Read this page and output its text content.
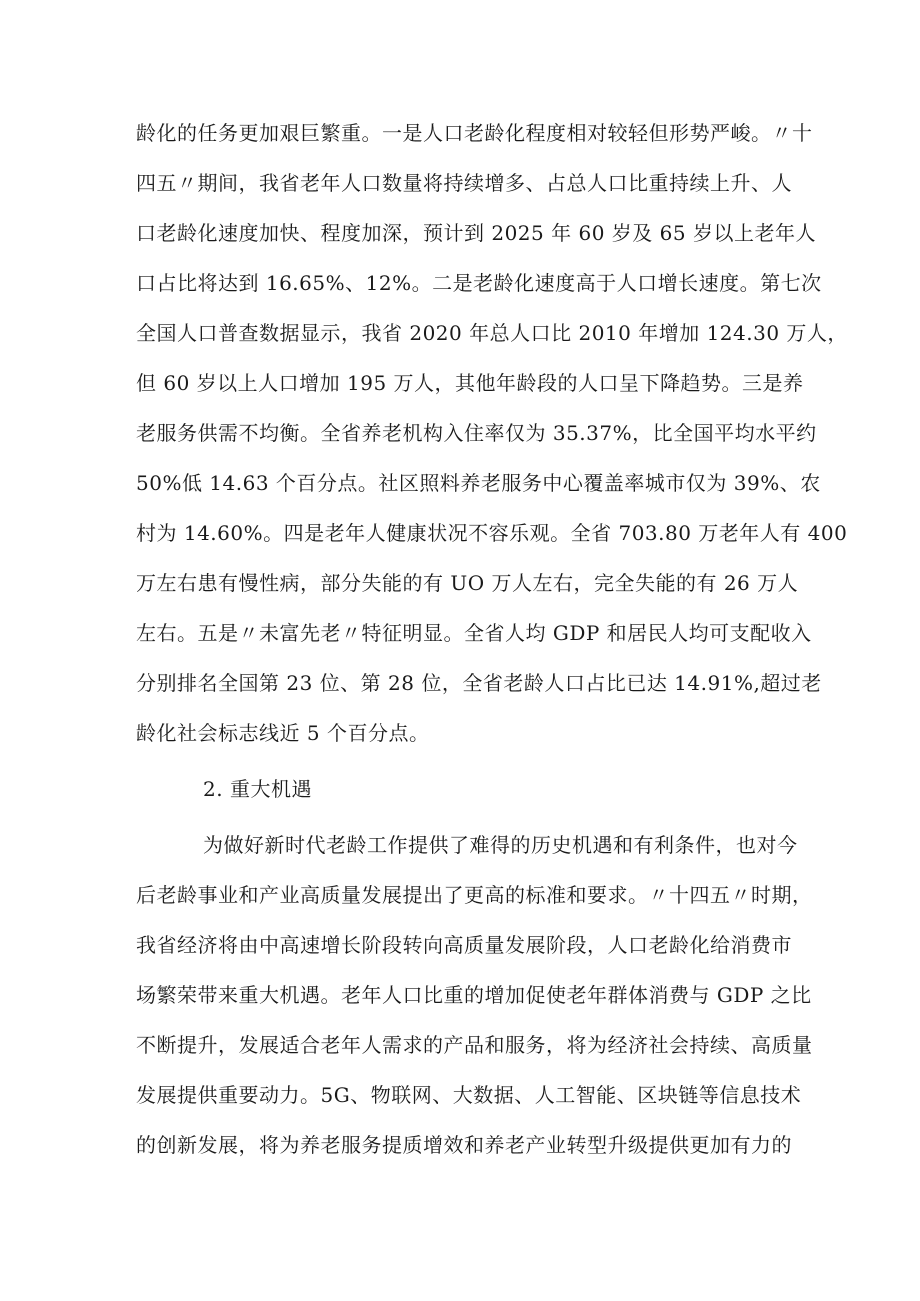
龄化的任务更加艰巨繁重。一是人口老龄化程度相对较轻但形势严峻。〃十
四五〃期间，我省老年人口数量将持续增多、占总人口比重持续上升、人
口老龄化速度加快、程度加深，预计到 2025 年 60 岁及 65 岁以上老年人
口占比将达到 16.65%、12%。二是老龄化速度高于人口增长速度。第七次
全国人口普查数据显示，我省 2020 年总人口比 2010 年增加 124.30 万人，
但 60 岁以上人口增加 195 万人，其他年龄段的人口呈下降趋势。三是养
老服务供需不均衡。全省养老机构入住率仅为 35.37%，比全国平均水平约
50%低 14.63 个百分点。社区照料养老服务中心覆盖率城市仅为 39%、农
村为 14.60%。四是老年人健康状况不容乐观。全省 703.80 万老年人有 400
万左右患有慢性病，部分失能的有 UO 万人左右，完全失能的有 26 万人
左右。五是〃未富先老〃特征明显。全省人均 GDP 和居民人均可支配收入
分别排名全国第 23 位、第 28 位，全省老龄人口占比已达 14.91%,超过老
龄化社会标志线近 5 个百分点。
2. 重大机遇
为做好新时代老龄工作提供了难得的历史机遇和有利条件，也对今
后老龄事业和产业高质量发展提出了更高的标准和要求。〃十四五〃时期，
我省经济将由中高速增长阶段转向高质量发展阶段，人口老龄化给消费市
场繁荣带来重大机遇。老年人口比重的增加促使老年群体消费与 GDP 之比
不断提升，发展适合老年人需求的产品和服务，将为经济社会持续、高质量
发展提供重要动力。5G、物联网、大数据、人工智能、区块链等信息技术
的创新发展，将为养老服务提质增效和养老产业转型升级提供更加有力的
